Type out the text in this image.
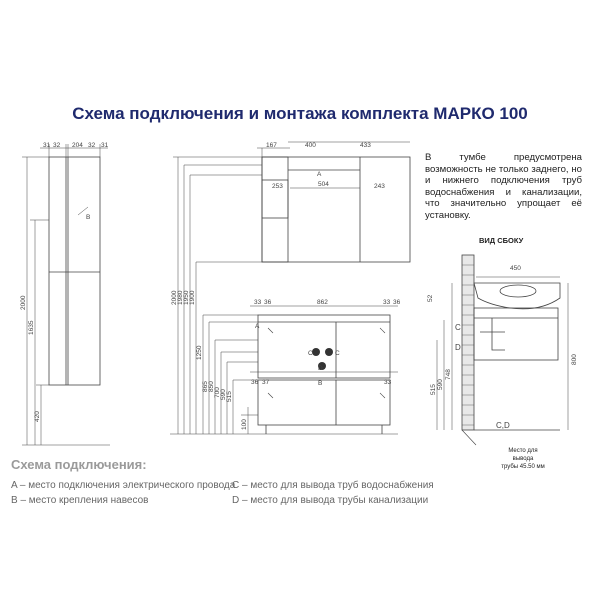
Схема подключения и монтажа комплекта МАРКО 100
31 32 204 32 31	167	400	433
504
253	243
33 36	862	33 36
36 37	33
450
A
A
B
C	C
D
B
C
D
C,D
2000
1635
420
2000 1980 1950 1900
1250
865 850
700 590 515
100
52
800
748
590
515
ВИД СБОКУ
Место для
вывода
трубы 45.50 мм
В тумбе предусмотрена возможность не только заднего, но и нижнего подключения труб водоснабжения и канализации, что значительно упрощает её установку.
Схема подключения:
A – место подключения электрического провода
B – место крепления навесов
C – место для вывода труб водоснабжения
D – место для вывода трубы канализации
